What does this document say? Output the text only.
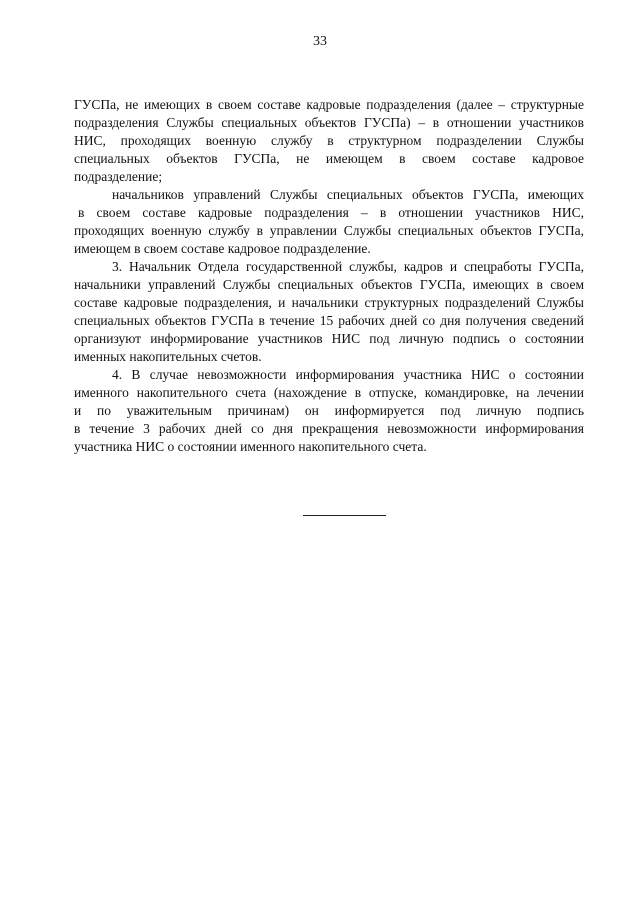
33
ГУСПа, не имеющих в своем составе кадровые подразделения (далее – структурные
подразделения Службы специальных объектов ГУСПа) – в отношении участников
НИС, проходящих военную службу в структурном подразделении Службы
специальных объектов ГУСПа, не имеющем в своем составе кадровое
подразделение;
начальников управлений Службы специальных объектов ГУСПа, имеющих
в своем составе кадровые подразделения – в отношении участников НИС,
проходящих военную службу в управлении Службы специальных объектов ГУСПа,
имеющем в своем составе кадровое подразделение.
3. Начальник Отдела государственной службы, кадров и спецработы ГУСПа,
начальники управлений Службы специальных объектов ГУСПа, имеющих в своем
составе кадровые подразделения, и начальники структурных подразделений Службы
специальных объектов ГУСПа в течение 15 рабочих дней со дня получения сведений
организуют информирование участников НИС под личную подпись о состоянии
именных накопительных счетов.
4. В случае невозможности информирования участника НИС о состоянии
именного накопительного счета (нахождение в отпуске, командировке, на лечении
и по уважительным причинам) он информируется под личную подпись
в течение 3 рабочих дней со дня прекращения невозможности информирования
участника НИС о состоянии именного накопительного счета.
